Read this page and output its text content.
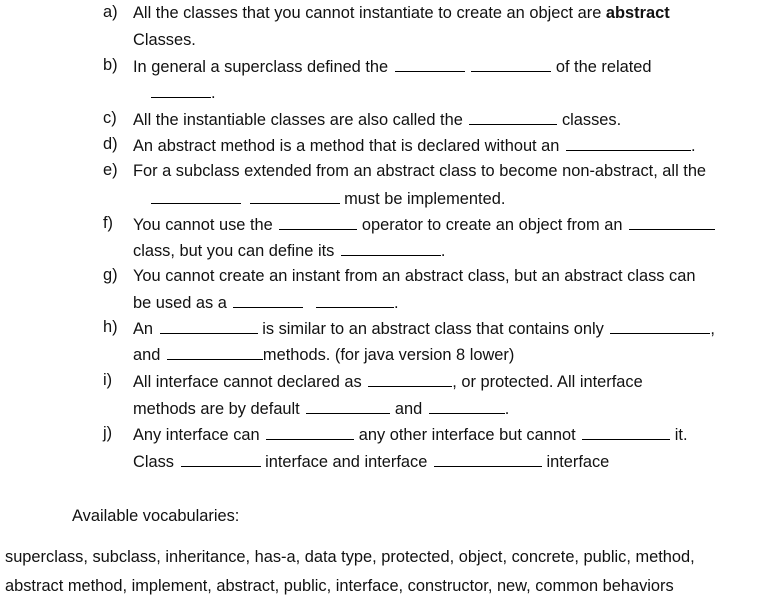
a) All the classes that you cannot instantiate to create an object are abstract
Classes.
b) In general a superclass defined the	of the related
.
c) All the instantiable classes are also called the	classes.
d) An abstract method is a method that is declared without an	.
e) For a subclass extended from an abstract class to become non-abstract, all the
must be implemented.
f)	You cannot use the	operator to create an object from an
class, but you can define its	.
g) You cannot create an instant from an abstract class, but an abstract class can
be used as a	.
h) An	is similar to an abstract class that contains only	,
and	methods. (for java version 8 lower)
i)	All interface cannot declared as	, or protected. All interface
methods are by default	and	.
j)	Any interface can	any other interface but cannot	it.
Class	interface and interface	interface
Available vocabularies:
superclass, subclass, inheritance, has-a, data type, protected, object, concrete, public, method,
abstract method, implement, abstract, public, interface, constructor, new, common behaviors
